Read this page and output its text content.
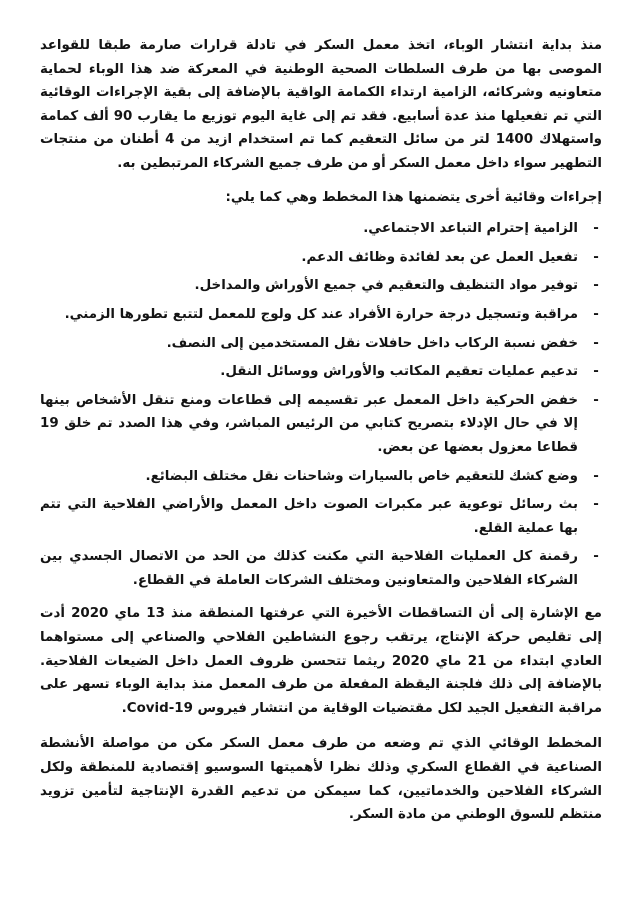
منذ بداية انتشار الوباء، اتخذ معمل السكر في تادلة قرارات صارمة طبقا للقواعد الموصى بها من طرف السلطات الصحية الوطنية في المعركة ضد هذا الوباء لحماية متعاونيه وشركائه، الزامية ارتداء الكمامة الواقية بالإضافة إلى بقية الإجراءات الوقائية التي تم تفعيلها منذ عدة أسابيع. فقد تم إلى غاية اليوم توزيع ما يقارب 90 ألف كمامة واستهلاك 1400 لتر من سائل التعقيم كما تم استخدام ازيد من 4 أطنان من منتجات التطهير سواء داخل معمل السكر أو من طرف جميع الشركاء المرتبطين به.

إجراءات وقائية أخرى يتضمنها هذا المخطط وهي كما يلي:

- الزامية إحترام التباعد الاجتماعي.
- تفعيل العمل عن بعد لفائدة وظائف الدعم.
- توفير مواد التنظيف والتعقيم في جميع الأوراش والمداخل.
- مراقبة وتسجيل درجة حرارة الأفراد عند كل ولوج للمعمل لتتبع تطورها الزمني.
- خفض نسبة الركاب داخل حافلات نقل المستخدمين إلى النصف.
- تدعيم عمليات تعقيم المكاتب والأوراش ووسائل النقل.
- خفض الحركية داخل المعمل عبر تقسيمه إلى قطاعات ومنع تنقل الأشخاص بينها إلا في حال الإدلاء بتصريح كتابي من الرئيس المباشر، وفي هذا الصدد تم خلق 19 قطاعا معزول بعضها عن بعض.
- وضع كشك للتعقيم خاص بالسيارات وشاحنات نقل مختلف البضائع.
- بث رسائل توعوية عبر مكبرات الصوت داخل المعمل والأراضي الفلاحية التي تتم بها عملية القلع.
- رقمنة كل العمليات الفلاحية التي مكنت كذلك من الحد من الاتصال الجسدي بين الشركاء الفلاحين والمتعاونين ومختلف الشركات العاملة في القطاع.

مع الإشارة إلى أن التساقطات الأخيرة التي عرفتها المنطقة منذ 13 ماي 2020 أدت إلى تقليص حركة الإنتاج، يرتقب رجوع النشاطين الفلاحي والصناعي إلى مستواهما العادي ابتداء من 21 ماي 2020 ريثما تتحسن ظروف العمل داخل الضيعات الفلاحية. بالإضافة إلى ذلك فلجنة اليقظة المفعلة من طرف المعمل منذ بداية الوباء تسهر على مراقبة التفعيل الجيد لكل مقتضيات الوقاية من انتشار فيروس Covid-19.

المخطط الوقائي الذي تم وضعه من طرف معمل السكر مكن من مواصلة الأنشطة الصناعية في القطاع السكري وذلك نظرا لأهميتها السوسيو إقتصادية للمنطقة ولكل الشركاء الفلاحين والخدماتيين، كما سيمكن من تدعيم القدرة الإنتاجية لتأمين تزويد منتظم للسوق الوطني من مادة السكر.
